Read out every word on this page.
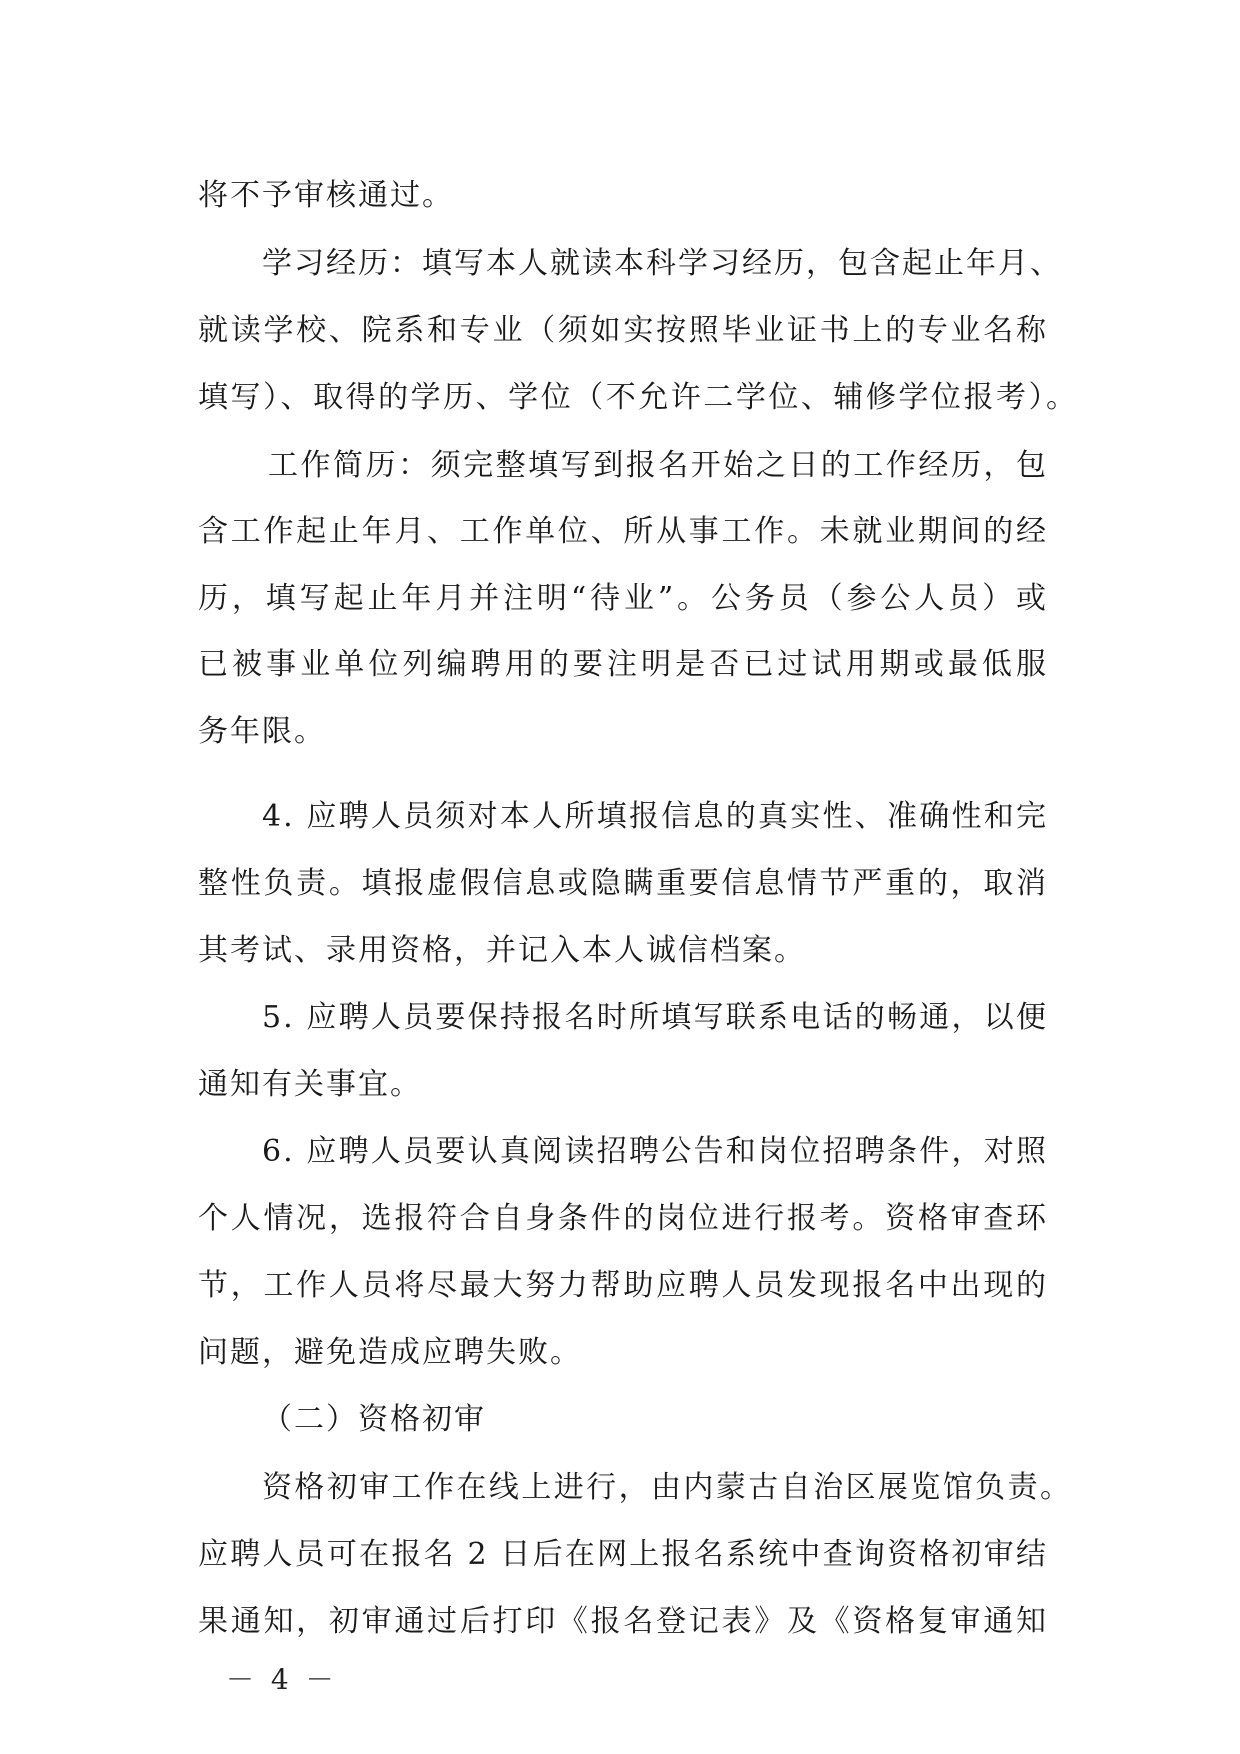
将不予审核通过。

学习经历：填写本人就读本科学习经历，包含起止年月、

就读学校、院系和专业（须如实按照毕业证书上的专业名称

填写）、取得的学历、学位（不允许二学位、辅修学位报考）。

工作简历：须完整填写到报名开始之日的工作经历，包

含工作起止年月、工作单位、所从事工作。未就业期间的经

历，填写起止年月并注明“待业”。公务员（参公人员）或

已被事业单位列编聘用的要注明是否已过试用期或最低服

务年限。

4. 应聘人员须对本人所填报信息的真实性、准确性和完

整性负责。填报虚假信息或隐瞒重要信息情节严重的，取消

其考试、录用资格，并记入本人诚信档案。

5. 应聘人员要保持报名时所填写联系电话的畅通，以便

通知有关事宜。

6. 应聘人员要认真阅读招聘公告和岗位招聘条件，对照

个人情况，选报符合自身条件的岗位进行报考。资格审查环

节，工作人员将尽最大努力帮助应聘人员发现报名中出现的

问题，避免造成应聘失败。

（二）资格初审

资格初审工作在线上进行，由内蒙古自治区展览馆负责。

应聘人员可在报名 2 日后在网上报名系统中查询资格初审结

果通知，初审通过后打印《报名登记表》及《资格复审通知

－ 4 －
